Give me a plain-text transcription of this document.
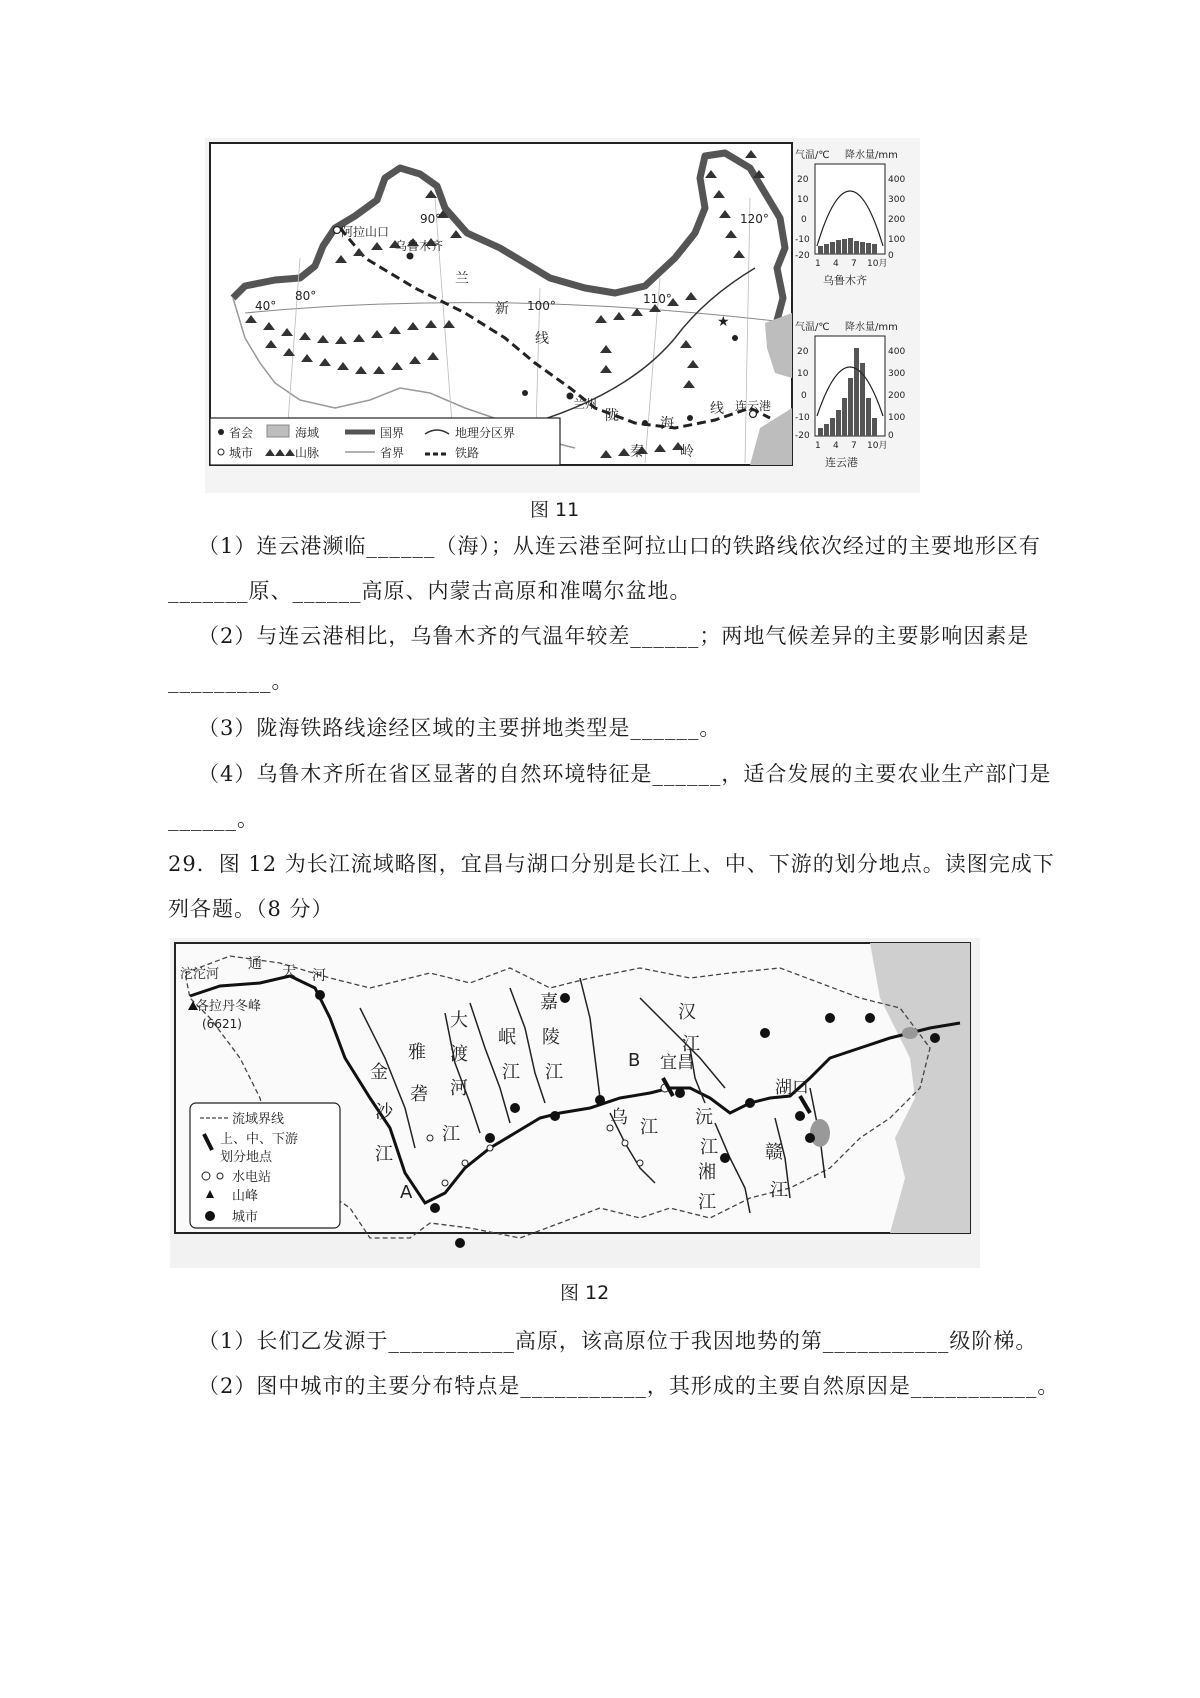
阿拉山口
乌鲁木齐
兰
新
线
兰州
陇	海
线 连云港
秦	岭
80°
90°
100°	110°
120°
40°
★
省会
城市
海域
山脉
国界
省界
地理分区界
铁路
气温/℃ 降水量/mm
20
10
0
-10
-20
400
300
200
100
0
1 4 7 10月
乌鲁木齐
气温/℃ 降水量/mm
20
10
0
-10
-20
400
300
200
100
0
1 4 7 10月
连云港
图 11
（1）连云港濒临______（海）；从连云港至阿拉山口的铁路线依次经过的主要地形区有
_______原、______高原、内蒙古高原和准噶尔盆地。
（2）与连云港相比，乌鲁木齐的气温年较差______；两地气候差异的主要影响因素是
_________。
（3）陇海铁路线途经区域的主要拼地类型是______。
（4）乌鲁木齐所在省区显著的自然环境特征是______，适合发展的主要农业生产部门是
______。
29．图 12 为长江流域略图，宜昌与湖口分别是长江上、中、下游的划分地点。读图完成下
列各题。（8 分）
沱沱河
通 天 河
各拉丹冬峰
(6621)
金
沙
江
雅
砻
江
大
渡
河
岷
江
嘉
陵
江
乌 江 沅
江
湘
江
赣
江
汉
江
宜昌
湖口
A
B
流域界线
上、中、下游
划分地点
水电站
山峰
城市
图 12
（1）长们乙发源于___________高原，该高原位于我因地势的第___________级阶梯。
（2）图中城市的主要分布特点是___________，其形成的主要自然原因是___________。
